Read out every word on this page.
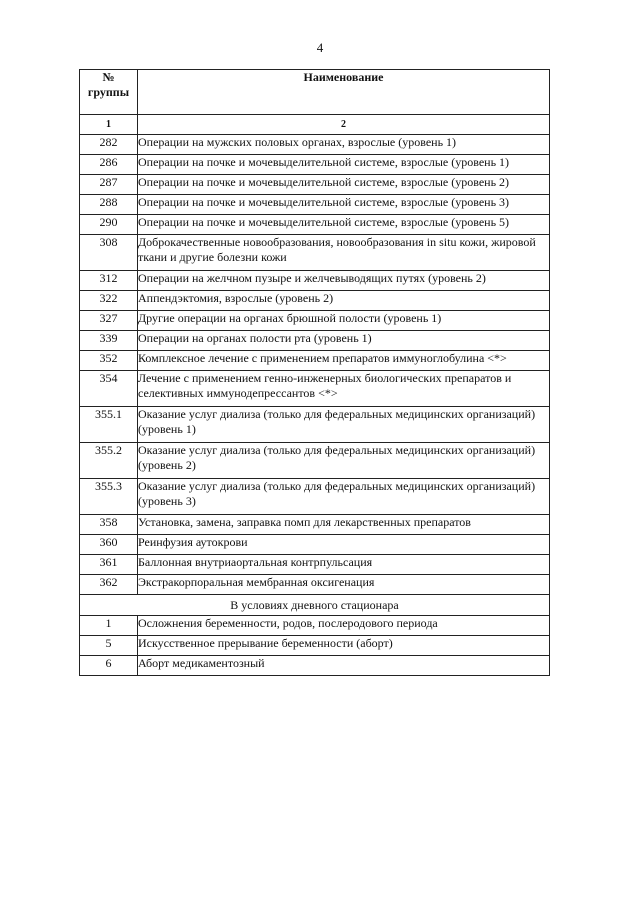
4
№
группы	Наименование
1	2
282	Операции на мужских половых органах, взрослые (уровень 1)
286	Операции на почке и мочевыделительной системе, взрослые (уровень 1)
287	Операции на почке и мочевыделительной системе, взрослые (уровень 2)
288	Операции на почке и мочевыделительной системе, взрослые (уровень 3)
290	Операции на почке и мочевыделительной системе, взрослые (уровень 5)
308	Доброкачественные новообразования, новообразования in situ кожи, жировой ткани и другие болезни кожи
312	Операции на желчном пузыре и желчевыводящих путях (уровень 2)
322	Аппендэктомия, взрослые (уровень 2)
327	Другие операции на органах брюшной полости (уровень 1)
339	Операции на органах полости рта (уровень 1)
352	Комплексное лечение с применением препаратов иммуноглобулина <*>
354	Лечение с применением генно-инженерных биологических препаратов и селективных иммунодепрессантов <*>
355.1	Оказание услуг диализа (только для федеральных медицинских организаций) (уровень 1)
355.2	Оказание услуг диализа (только для федеральных медицинских организаций) (уровень 2)
355.3	Оказание услуг диализа (только для федеральных медицинских организаций) (уровень 3)
358	Установка, замена, заправка помп для лекарственных препаратов
360	Реинфузия аутокрови
361	Баллонная внутриаортальная контрпульсация
362	Экстракорпоральная мембранная оксигенация
В условиях дневного стационара	
1	Осложнения беременности, родов, послеродового периода
5	Искусственное прерывание беременности (аборт)
6	Аборт медикаментозный
